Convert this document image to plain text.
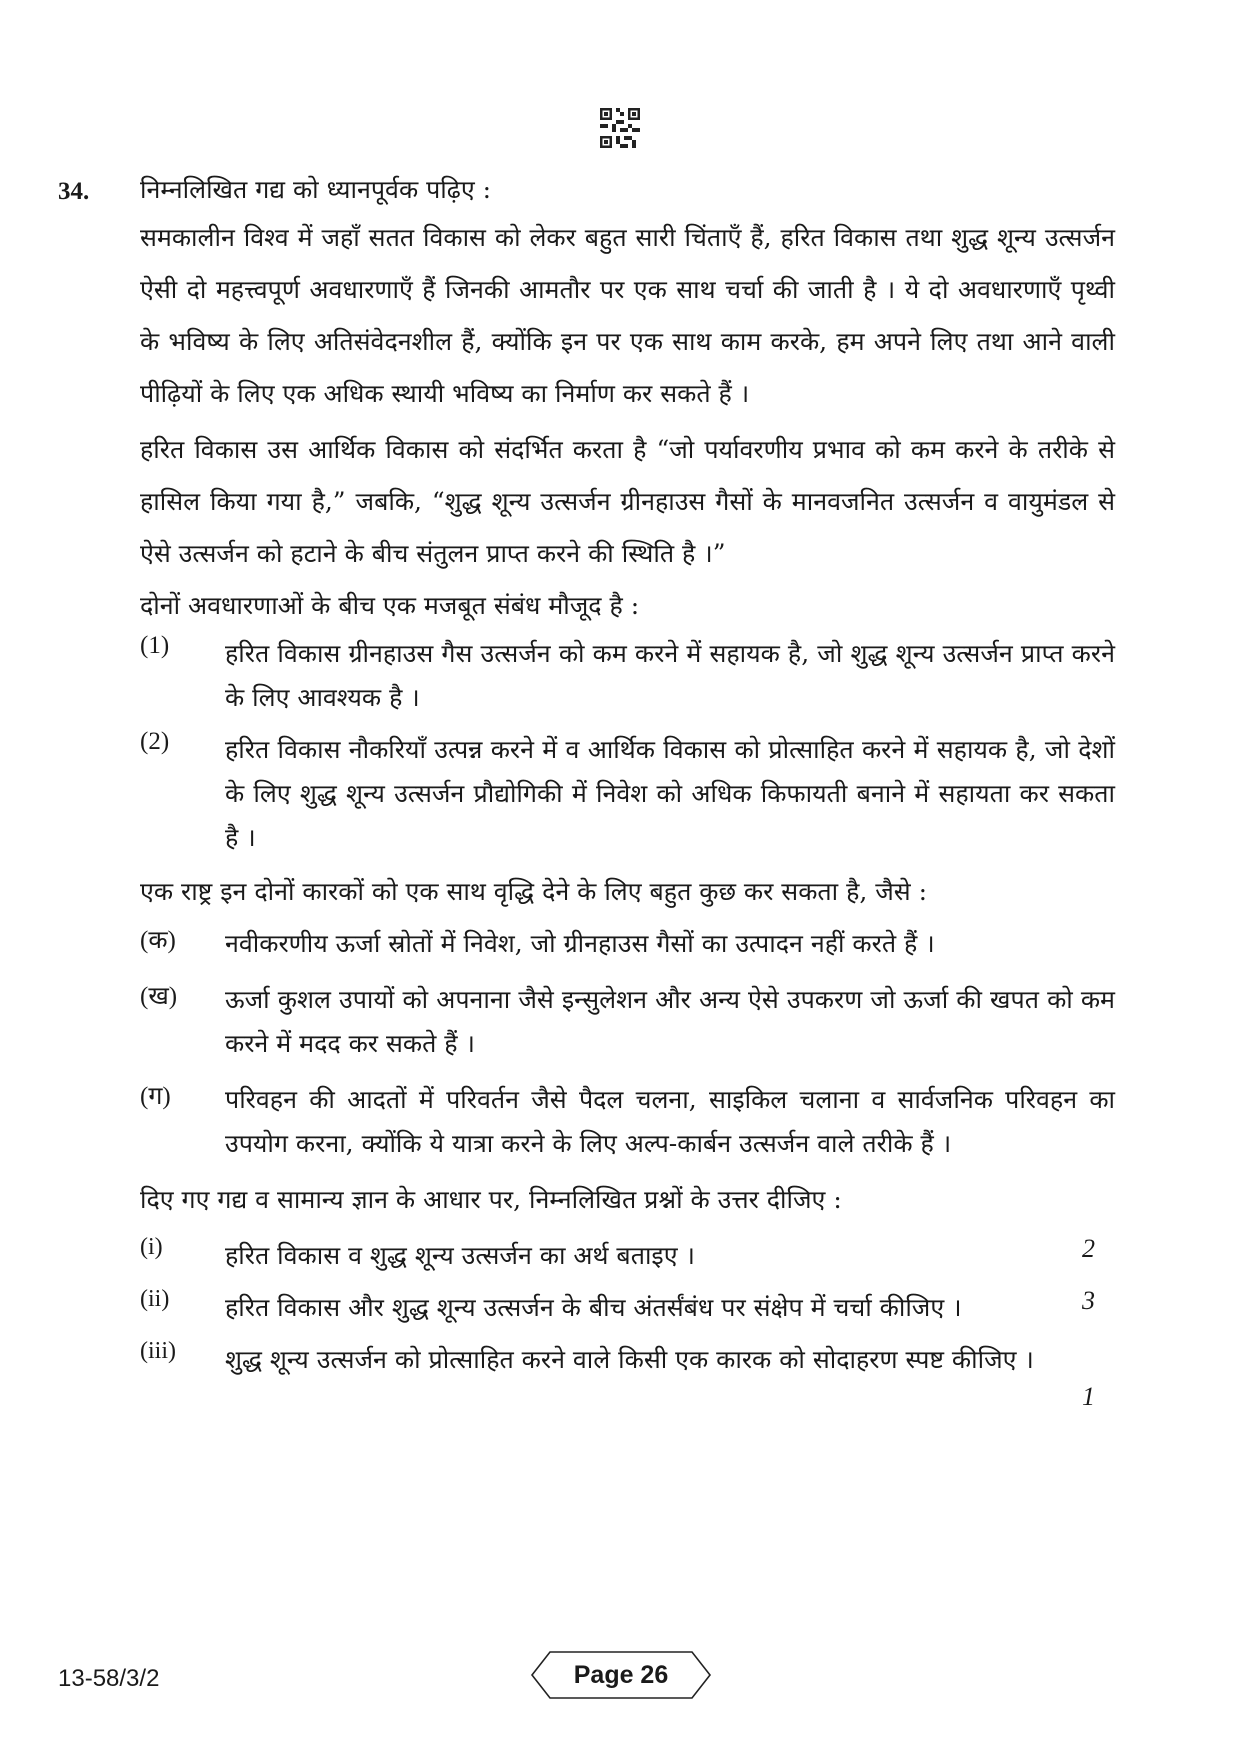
34. निम्नलिखित गद्य को ध्यानपूर्वक पढ़िए :

समकालीन विश्व में जहाँ सतत विकास को लेकर बहुत सारी चिंताएँ हैं, हरित विकास तथा शुद्ध शून्य उत्सर्जन ऐसी दो महत्त्वपूर्ण अवधारणाएँ हैं जिनकी आमतौर पर एक साथ चर्चा की जाती है । ये दो अवधारणाएँ पृथ्वी के भविष्य के लिए अतिसंवेदनशील हैं, क्योंकि इन पर एक साथ काम करके, हम अपने लिए तथा आने वाली पीढ़ियों के लिए एक अधिक स्थायी भविष्य का निर्माण कर सकते हैं ।

हरित विकास उस आर्थिक विकास को संदर्भित करता है “जो पर्यावरणीय प्रभाव को कम करने के तरीके से हासिल किया गया है,” जबकि, “शुद्ध शून्य उत्सर्जन ग्रीनहाउस गैसों के मानवजनित उत्सर्जन व वायुमंडल से ऐसे उत्सर्जन को हटाने के बीच संतुलन प्राप्त करने की स्थिति है ।”

दोनों अवधारणाओं के बीच एक मजबूत संबंध मौजूद है :

(1)	हरित विकास ग्रीनहाउस गैस उत्सर्जन को कम करने में सहायक है, जो शुद्ध शून्य उत्सर्जन प्राप्त करने के लिए आवश्यक है ।
(2)	हरित विकास नौकरियाँ उत्पन्न करने में व आर्थिक विकास को प्रोत्साहित करने में सहायक है, जो देशों के लिए शुद्ध शून्य उत्सर्जन प्रौद्योगिकी में निवेश को अधिक किफायती बनाने में सहायता कर सकता है ।

एक राष्ट्र इन दोनों कारकों को एक साथ वृद्धि देने के लिए बहुत कुछ कर सकता है, जैसे :

(क)	नवीकरणीय ऊर्जा स्रोतों में निवेश, जो ग्रीनहाउस गैसों का उत्पादन नहीं करते हैं ।
(ख)	ऊर्जा कुशल उपायों को अपनाना जैसे इन्सुलेशन और अन्य ऐसे उपकरण जो ऊर्जा की खपत को कम करने में मदद कर सकते हैं ।
(ग)	परिवहन की आदतों में परिवर्तन जैसे पैदल चलना, साइकिल चलाना व सार्वजनिक परिवहन का उपयोग करना, क्योंकि ये यात्रा करने के लिए अल्प-कार्बन उत्सर्जन वाले तरीके हैं ।

दिए गए गद्य व सामान्य ज्ञान के आधार पर, निम्नलिखित प्रश्नों के उत्तर दीजिए :

(i)	हरित विकास व शुद्ध शून्य उत्सर्जन का अर्थ बताइए ।	2
(ii)	हरित विकास और शुद्ध शून्य उत्सर्जन के बीच अंतर्संबंध पर संक्षेप में चर्चा कीजिए ।	3
(iii)	शुद्ध शून्य उत्सर्जन को प्रोत्साहित करने वाले किसी एक कारक को सोदाहरण स्पष्ट कीजिए ।
1
13-58/3/2	Page 26
